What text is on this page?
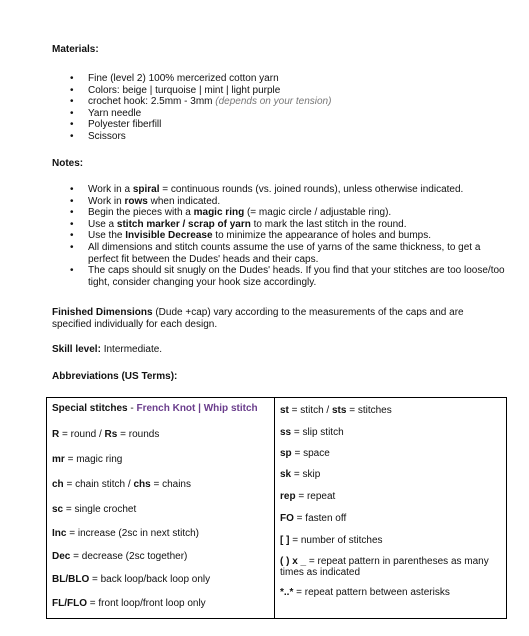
Materials:
• Fine (level 2) 100% mercerized cotton yarn
• Colors: beige | turquoise | mint | light purple
• crochet hook: 2.5mm - 3mm (depends on your tension)
• Yarn needle
• Polyester fiberfill
• Scissors
Notes:
• Work in a spiral = continuous rounds (vs. joined rounds), unless otherwise indicated.
• Work in rows when indicated.
• Begin the pieces with a magic ring (= magic circle / adjustable ring).
• Use a stitch marker / scrap of yarn to mark the last stitch in the round.
• Use the Invisible Decrease to minimize the appearance of holes and bumps.
• All dimensions and stitch counts assume the use of yarns of the same thickness, to get a perfect fit between the Dudes' heads and their caps.
• The caps should sit snugly on the Dudes' heads. If you find that your stitches are too loose/too tight, consider changing your hook size accordingly.
Finished Dimensions (Dude +cap) vary according to the measurements of the caps and are specified individually for each design.
Skill level: Intermediate.
Abbreviations (US Terms):
Special stitches - French Knot | Whip stitch
R = round / Rs = rounds
mr = magic ring
ch = chain stitch / chs = chains
sc = single crochet
Inc = increase (2sc in next stitch)
Dec = decrease (2sc together)
BL/BLO = back loop/back loop only
FL/FLO = front loop/front loop only
st = stitch / sts = stitches
ss = slip stitch
sp = space
sk = skip
rep = repeat
FO = fasten off
[ ] = number of stitches
( ) x _ = repeat pattern in parentheses as many times as indicated
*..* = repeat pattern between asterisks
